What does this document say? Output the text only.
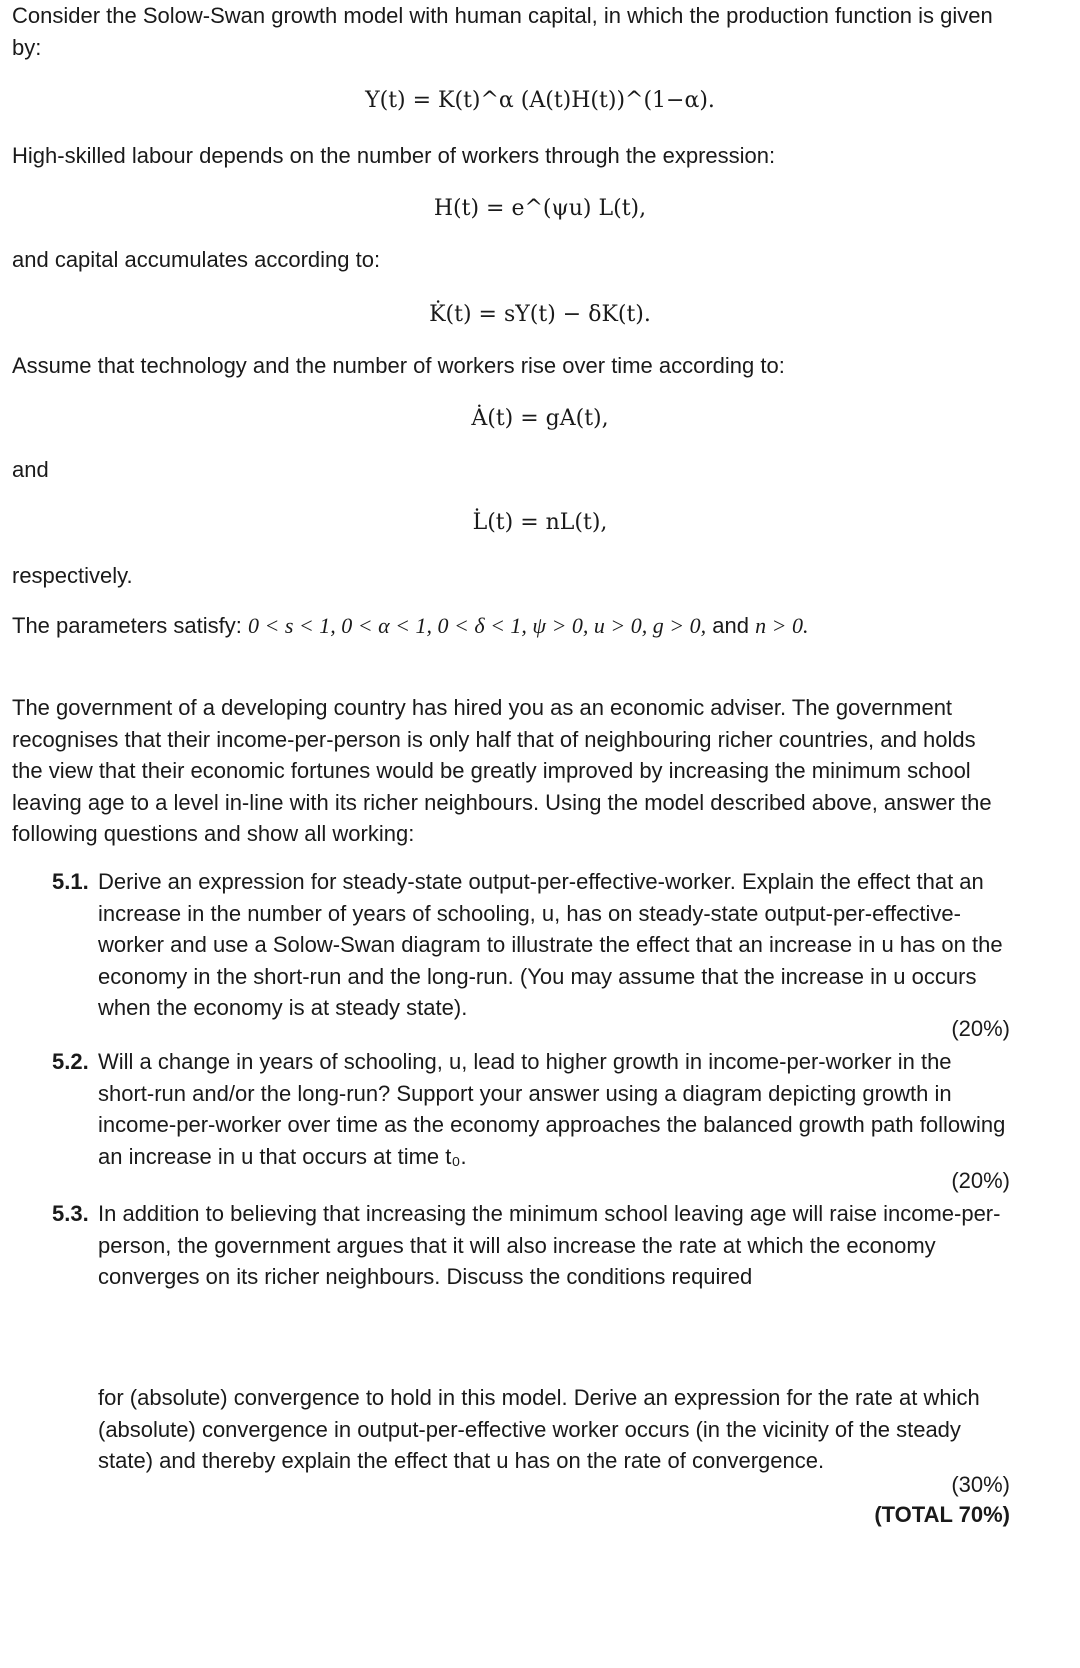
Consider the Solow-Swan growth model with human capital, in which the production function is given by:

Y(t) = K(t)^α (A(t)H(t))^(1−α).

High-skilled labour depends on the number of workers through the expression:

H(t) = e^(ψu) L(t),

and capital accumulates according to:

K̇(t) = sY(t) − δK(t).

Assume that technology and the number of workers rise over time according to:

Ȧ(t) = gA(t),

and

L̇(t) = nL(t),

respectively.

The parameters satisfy: 0 < s < 1, 0 < α < 1, 0 < δ < 1, ψ > 0, u > 0, g > 0, and n > 0.

The government of a developing country has hired you as an economic adviser. The government recognises that their income-per-person is only half that of neighbouring richer countries, and holds the view that their economic fortunes would be greatly improved by increasing the minimum school leaving age to a level in-line with its richer neighbours. Using the model described above, answer the following questions and show all working:

5.1. Derive an expression for steady-state output-per-effective-worker. Explain the effect that an increase in the number of years of schooling, u, has on steady-state output-per-effective-worker and use a Solow-Swan diagram to illustrate the effect that an increase in u has on the economy in the short-run and the long-run. (You may assume that the increase in u occurs when the economy is at steady state).
(20%)
5.2. Will a change in years of schooling, u, lead to higher growth in income-per-worker in the short-run and/or the long-run? Support your answer using a diagram depicting growth in income-per-worker over time as the economy approaches the balanced growth path following an increase in u that occurs at time t₀.
(20%)
5.3. In addition to believing that increasing the minimum school leaving age will raise income-per-person, the government argues that it will also increase the rate at which the economy converges on its richer neighbours. Discuss the conditions required
for (absolute) convergence to hold in this model. Derive an expression for the rate at which (absolute) convergence in output-per-effective worker occurs (in the vicinity of the steady state) and thereby explain the effect that u has on the rate of convergence.
(30%)
(TOTAL 70%)
